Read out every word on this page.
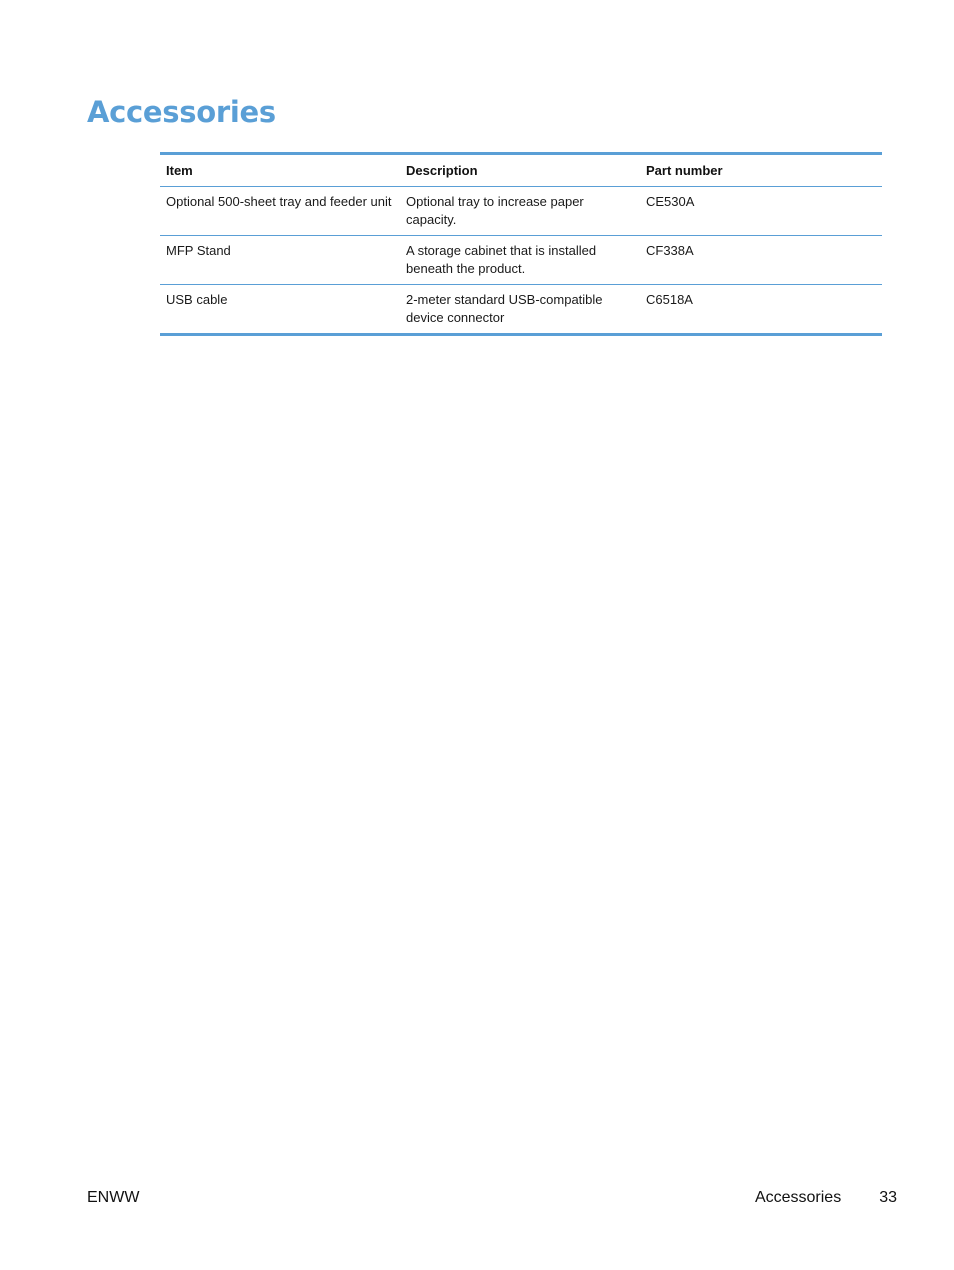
Accessories
Item	Description	Part number
Optional 500-sheet tray and feeder unit	Optional tray to increase paper capacity.	CE530A
MFP Stand	A storage cabinet that is installed beneath the product.	CF338A
USB cable	2-meter standard USB-compatible device connector	C6518A
ENWW	Accessories 33
